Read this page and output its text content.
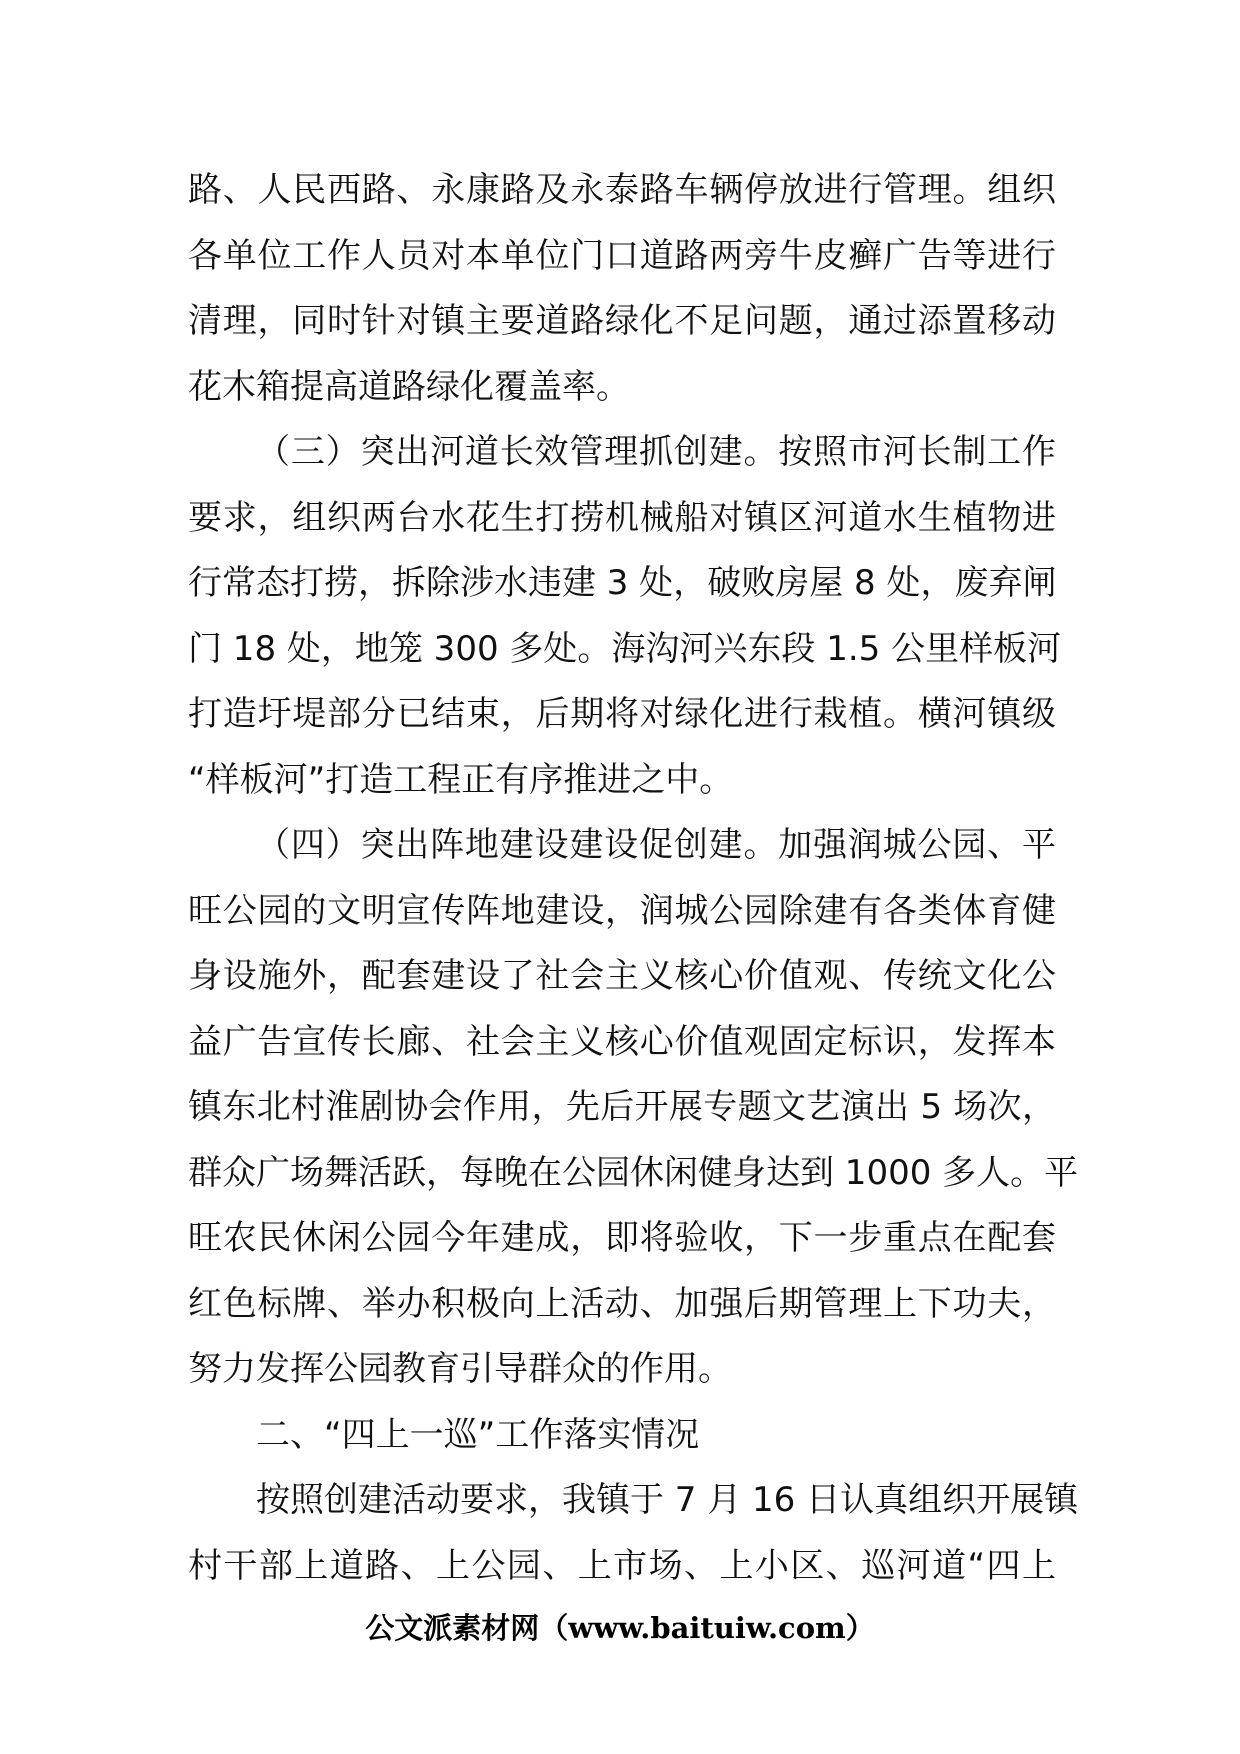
路、人民西路、永康路及永泰路车辆停放进行管理。组织
各单位工作人员对本单位门口道路两旁牛皮癣广告等进行
清理，同时针对镇主要道路绿化不足问题，通过添置移动
花木箱提高道路绿化覆盖率。
（三）突出河道长效管理抓创建。按照市河长制工作
要求，组织两台水花生打捞机械船对镇区河道水生植物进
行常态打捞，拆除涉水违建 3 处，破败房屋 8 处，废弃闸
门 18 处，地笼 300 多处。海沟河兴东段 1.5 公里样板河
打造圩堤部分已结束，后期将对绿化进行栽植。横河镇级
“样板河”打造工程正有序推进之中。
（四）突出阵地建设建设促创建。加强润城公园、平
旺公园的文明宣传阵地建设，润城公园除建有各类体育健
身设施外，配套建设了社会主义核心价值观、传统文化公
益广告宣传长廊、社会主义核心价值观固定标识，发挥本
镇东北村淮剧协会作用，先后开展专题文艺演出 5 场次，
群众广场舞活跃，每晚在公园休闲健身达到 1000 多人。平
旺农民休闲公园今年建成，即将验收，下一步重点在配套
红色标牌、举办积极向上活动、加强后期管理上下功夫，
努力发挥公园教育引导群众的作用。
二、“四上一巡”工作落实情况
按照创建活动要求，我镇于 7 月 16 日认真组织开展镇
村干部上道路、上公园、上市场、上小区、巡河道“四上
公文派素材网（www.baituiw.com）
